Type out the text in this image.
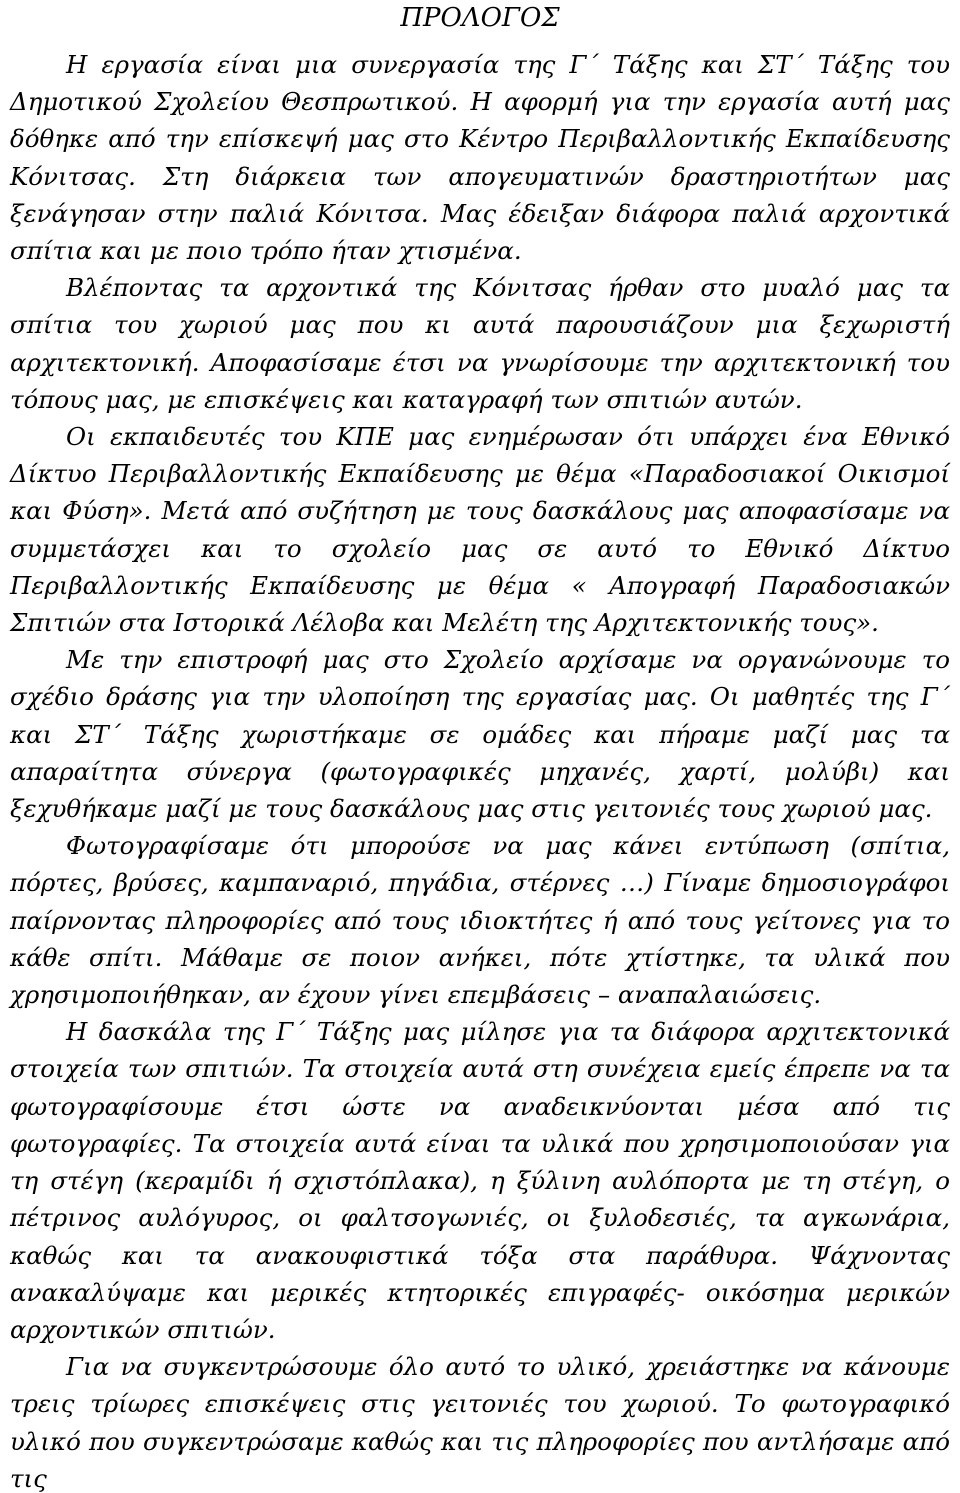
ΠΡΟΛΟΓΟΣ

Η εργασία είναι μια συνεργασία της Γ΄ Τάξης και ΣΤ΄ Τάξης του Δημοτικού Σχολείου Θεσπρωτικού. Η αφορμή για την εργασία αυτή μας δόθηκε από την επίσκεψή μας στο Κέντρο Περιβαλλοντικής Εκπαίδευσης Κόνιτσας. Στη διάρκεια των απογευματινών δραστηριοτήτων μας ξενάγησαν στην παλιά Κόνιτσα. Μας έδειξαν διάφορα παλιά αρχοντικά σπίτια και με ποιο τρόπο ήταν χτισμένα.

Βλέποντας τα αρχοντικά της Κόνιτσας ήρθαν στο μυαλό μας τα σπίτια του χωριού μας που κι αυτά παρουσιάζουν μια ξεχωριστή αρχιτεκτονική. Αποφασίσαμε έτσι να γνωρίσουμε την αρχιτεκτονική του τόπους μας, με επισκέψεις και καταγραφή των σπιτιών αυτών.

Οι εκπαιδευτές του ΚΠΕ μας ενημέρωσαν ότι υπάρχει ένα Εθνικό Δίκτυο Περιβαλλοντικής Εκπαίδευσης με θέμα «Παραδοσιακοί Οικισμοί και Φύση». Μετά από συζήτηση με τους δασκάλους μας αποφασίσαμε να συμμετάσχει και το σχολείο μας σε αυτό το Εθνικό Δίκτυο Περιβαλλοντικής Εκπαίδευσης με θέμα « Απογραφή Παραδοσιακών Σπιτιών στα Ιστορικά Λέλοβα και Μελέτη της Αρχιτεκτονικής τους».

Με την επιστροφή μας στο Σχολείο αρχίσαμε να οργανώνουμε το σχέδιο δράσης για την υλοποίηση της εργασίας μας. Οι μαθητές της Γ΄ και ΣΤ΄ Τάξης χωριστήκαμε σε ομάδες και πήραμε μαζί μας τα απαραίτητα σύνεργα (φωτογραφικές μηχανές, χαρτί, μολύβι) και ξεχυθήκαμε μαζί με τους δασκάλους μας στις γειτονιές τους χωριού μας.

Φωτογραφίσαμε ότι μπορούσε να μας κάνει εντύπωση (σπίτια, πόρτες, βρύσες, καμπαναριό, πηγάδια, στέρνες …) Γίναμε δημοσιογράφοι παίρνοντας πληροφορίες από τους ιδιοκτήτες ή από τους γείτονες για το κάθε σπίτι. Μάθαμε σε ποιον ανήκει, πότε χτίστηκε, τα υλικά που χρησιμοποιήθηκαν, αν έχουν γίνει επεμβάσεις – αναπαλαιώσεις.

Η δασκάλα της Γ΄ Τάξης μας μίλησε για τα διάφορα αρχιτεκτονικά στοιχεία των σπιτιών. Τα στοιχεία αυτά στη συνέχεια εμείς έπρεπε να τα φωτογραφίσουμε έτσι ώστε να αναδεικνύονται μέσα από τις φωτογραφίες. Τα στοιχεία αυτά είναι τα υλικά που χρησιμοποιούσαν για τη στέγη (κεραμίδι ή σχιστόπλακα), η ξύλινη αυλόπορτα με τη στέγη, ο πέτρινος αυλόγυρος, οι φαλτσογωνιές, οι ξυλοδεσιές, τα αγκωνάρια, καθώς και τα ανακουφιστικά τόξα στα παράθυρα. Ψάχνοντας ανακαλύψαμε και μερικές κτητορικές επιγραφές- οικόσημα μερικών αρχοντικών σπιτιών.

Για να συγκεντρώσουμε όλο αυτό το υλικό, χρειάστηκε να κάνουμε τρεις τρίωρες επισκέψεις στις γειτονιές του χωριού. Το φωτογραφικό υλικό που συγκεντρώσαμε καθώς και τις πληροφορίες που αντλήσαμε από τις
